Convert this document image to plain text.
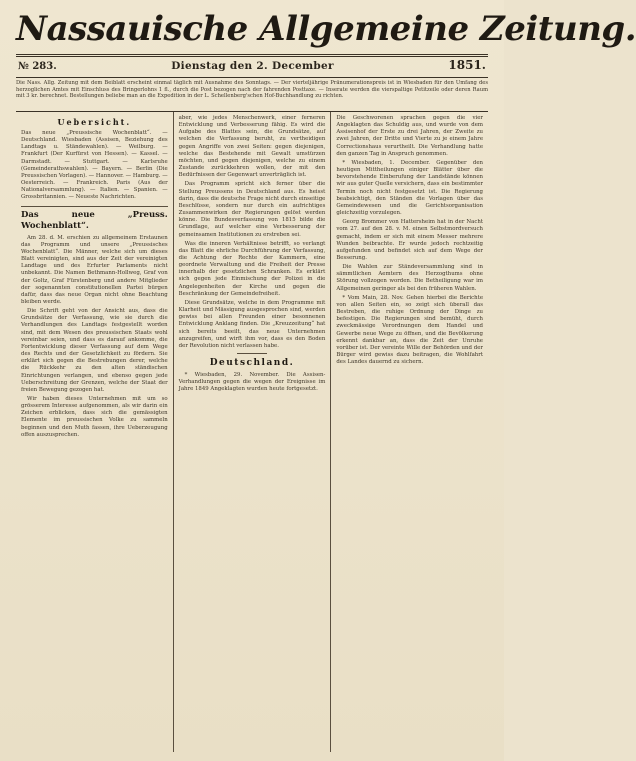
Nassauische Allgemeine Zeitung.
№ 283.	Dienstag den 2. December	1851.
Die Nass. Allg. Zeitung mit dem Beiblatt erscheint einmal täglich mit Ausnahme des Sonntags. — Der vierteljährige Pränumerationspreis ist in Wiesbaden für den Umfang des herzoglichen Amtes mit Einschluss des Bringerlohns 1 fl., durch die Post bezogen nach der fahrenden Posttaxe. — Inserate werden die vierspaltige Petitzeile oder deren Raum mit 3 kr. berechnet. Bestellungen beliebe man an die Expedition in der L. Schellenberg'schen Hof-Buchhandlung zu richten.
Uebersicht.

Das neue „Preussische Wochenblatt“. — Deutschland. Wiesbaden (Assisen, Beziehung des Landtags u. Ständewahlen). — Weilburg. — Frankfurt (Der Kurfürst von Hessen). — Kassel. — Darmstadt. — Stuttgart. — Karlsruhe (Gemeinderathswahlen). — Bayern. — Berlin (Die Preussischen Vorlagen). — Hannover. — Hamburg. — Oesterreich. — Frankreich. Paris (Aus der Nationalversammlung). — Italien. — Spanien. — Grossbritannien. — Neueste Nachrichten.

Das neue „Preuss. Wochenblatt“.

Am 28. d. M. erschien zu allgemeinem Erstaunen das Programm und unsere „Preussisches Wochenblatt“. Die Männer, welche sich um dieses Blatt vereinigten, sind aus der Zeit der vereinigten Landtage und des Erfurter Parlaments nicht unbekannt. Die Namen Bethmann-Hollweg, Graf von der Goltz, Graf Fürstenberg und andere Mitglieder der sogenannten constitutionellen Partei bürgen dafür, dass das neue Organ nicht ohne Beachtung bleiben werde.

Die Schrift geht von der Ansicht aus, dass die Grundsätze der Verfassung, wie sie durch die Verhandlungen des Landtags festgestellt worden sind, mit dem Wesen des preussischen Staats wohl vereinbar seien, und dass es darauf ankomme, die Fortentwicklung dieser Verfassung auf dem Wege des Rechts und der Gesetzlichkeit zu fördern. Sie erklärt sich gegen die Bestrebungen derer, welche die Rückkehr zu den alten ständischen Einrichtungen verlangen, und ebenso gegen jede Ueberschreitung der Grenzen, welche der Staat der freien Bewegung gezogen hat.

Wir haben dieses Unternehmen mit um so grösserem Interesse aufgenommen, als wir darin ein Zeichen erblicken, dass sich die gemässigten Elemente im preussischen Volke zu sammeln beginnen und den Muth fassen, ihre Ueberzeugung offen auszusprechen.

aber, wie jedes Menschenwerk, einer ferneren Entwicklung und Verbesserung fähig. Es wird die Aufgabe des Blattes sein, die Grundsätze, auf welchen die Verfassung beruht, zu vertheidigen gegen Angriffe von zwei Seiten: gegen diejenigen, welche das Bestehende mit Gewalt umstürzen möchten, und gegen diejenigen, welche zu einem Zustande zurückkehren wollen, der mit den Bedürfnissen der Gegenwart unverträglich ist.

Das Programm spricht sich ferner über die Stellung Preussens in Deutschland aus. Es heisst darin, dass die deutsche Frage nicht durch einseitige Beschlüsse, sondern nur durch ein aufrichtiges Zusammenwirken der Regierungen gelöst werden könne. Die Bundesverfassung von 1815 bilde die Grundlage, auf welcher eine Verbesserung der gemeinsamen Institutionen zu erstreben sei.

Was die inneren Verhältnisse betrifft, so verlangt das Blatt die ehrliche Durchführung der Verfassung, die Achtung der Rechte der Kammern, eine geordnete Verwaltung und die Freiheit der Presse innerhalb der gesetzlichen Schranken. Es erklärt sich gegen jede Einmischung der Polizei in die Angelegenheiten der Kirche und gegen die Beschränkung der Gemeindefreiheit.

Diese Grundsätze, welche in dem Programme mit Klarheit und Mässigung ausgesprochen sind, werden gewiss bei allen Freunden einer besonnenen Entwicklung Anklang finden. Die „Kreuzzeitung“ hat sich bereits beeilt, das neue Unternehmen anzugreifen, und wirft ihm vor, dass es den Boden der Revolution nicht verlassen habe.

Deutschland.

* Wiesbaden, 29. November. Die Assisen-Verhandlungen gegen die wegen der Ereignisse im Jahre 1849 Angeklagten wurden heute fortgesetzt.

Die Geschworenen sprachen gegen die vier Angeklagten das Schuldig aus, und wurde von dem Assisenhof der Erste zu drei Jahren, der Zweite zu zwei Jahren, der Dritte und Vierte zu je einem Jahre Correctionshaus verurtheilt. Die Verhandlung hatte den ganzen Tag in Anspruch genommen.

* Wiesbaden, 1. December. Gegenüber den heutigen Mittheilungen einiger Blätter über die bevorstehende Einberufung der Landstände können wir aus guter Quelle versichern, dass ein bestimmter Termin noch nicht festgesetzt ist. Die Regierung beabsichtigt, den Ständen die Vorlagen über das Gemeindewesen und die Gerichtsorganisation gleichzeitig vorzulegen.

Georg Brommer von Hattersheim hat in der Nacht vom 27. auf den 28. v. M. einen Selbstmordversuch gemacht, indem er sich mit einem Messer mehrere Wunden beibrachte. Er wurde jedoch rechtzeitig aufgefunden und befindet sich auf dem Wege der Besserung.

Die Wahlen zur Ständeversammlung sind in sämmtlichen Aemtern des Herzogthums ohne Störung vollzogen worden. Die Betheiligung war im Allgemeinen geringer als bei den früheren Wahlen.

* Vom Main, 28. Nov. Gehen hierbei die Berichte von allen Seiten ein, so zeigt sich überall das Bestreben, die ruhige Ordnung der Dinge zu befestigen. Die Regierungen sind bemüht, durch zweckmässige Verordnungen dem Handel und Gewerbe neue Wege zu öffnen, und die Bevölkerung erkennt dankbar an, dass die Zeit der Unruhe vorüber ist. Der vereinte Wille der Behörden und der Bürger wird gewiss dazu beitragen, die Wohlfahrt des Landes dauernd zu sichern.
